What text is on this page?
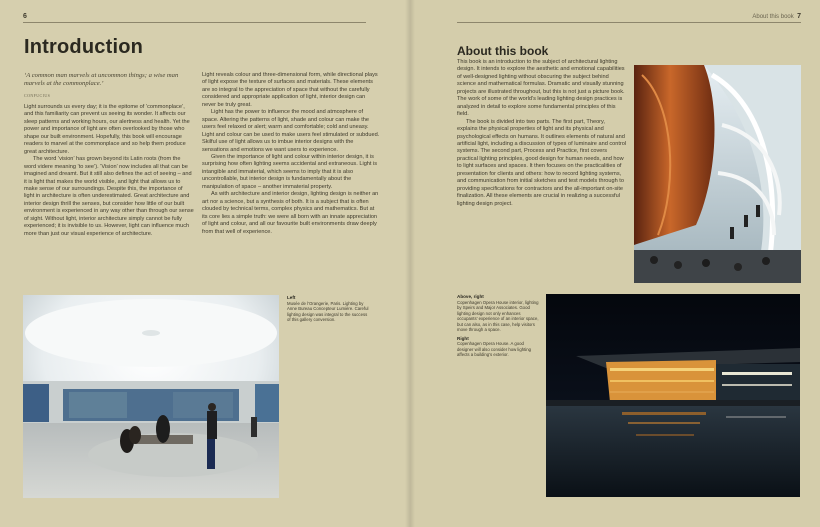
6	About this book 7
Introduction
‘A common man marvels at uncommon things; a wise man marvels at the commonplace.’
CONFUCIUS

Light surrounds us every day; it is the epitome of ‘commonplace’, and this familiarity can prevent us seeing its wonder. It affects our sleep patterns and working hours, our alertness and health. Yet the power and importance of light are often overlooked by those who shape our built environment. Hopefully, this book will encourage readers to marvel at the commonplace and so help them produce great architecture.

The word ‘vision’ has grown beyond its Latin roots (from the word videre meaning ‘to see’). ‘Vision’ now includes all that can be imagined and dreamt. But it still also defines the act of seeing – and it is light that makes the world visible, and light that allows us to make sense of our surroundings. Despite this, the importance of light in architecture is often underestimated. Great architecture and interior design thrill the senses, but consider how little of our built environment is experienced in any way other than through our sense of sight. Without light, interior architecture simply cannot be fully experienced; it is invisible to us. However, light can influence much more than just our visual experience of architecture.

Light reveals colour and three-dimensional form, while directional plays of light expose the texture of surfaces and materials. These elements are so integral to the appreciation of space that without the carefully considered and appropriate application of light, interior design can never be truly great.

Light has the power to influence the mood and atmosphere of space. Altering the patterns of light, shade and colour can make the users feel relaxed or alert; warm and comfortable; cold and uneasy. Light and colour can be used to make users feel stimulated or subdued. Skilful use of light allows us to imbue interior designs with the sensations and emotions we want users to experience.

Given the importance of light and colour within interior design, it is surprising how often lighting seems accidental and extraneous. Light is intangible and immaterial, which seems to imply that it is also uncontrollable, but interior design is fundamentally about the manipulation of space – another immaterial property.

As with architecture and interior design, lighting design is neither an art nor a science, but a synthesis of both. It is a subject that is often clouded by technical terms, complex physics and mathematics. But at its core lies a simple truth: we were all born with an innate appreciation of light and colour, and all our favourite built environments draw deeply from that well of experience.

Left
Musée de l’Orangerie, Paris. Lighting by Anne Bureau Concepteur Lumière. Careful lighting design was integral to the success of this gallery conversion.
About this book

This book is an introduction to the subject of architectural lighting design. It intends to explore the aesthetic and emotional capabilities of well-designed lighting without obscuring the subject behind science and mathematical formulas. Dramatic and visually stunning projects are illustrated throughout, but this is not just a picture book. The work of some of the world’s leading lighting design practices is analyzed in detail to explore some fundamental principles of this field.

The book is divided into two parts. The first part, Theory, explains the physical properties of light and its physical and psychological effects on humans. It outlines elements of natural and artificial light, including a discussion of types of luminaire and control systems. The second part, Process and Practice, first covers practical lighting principles, good design for human needs, and how to light surfaces and spaces. It then focuses on the practicalities of presentation for clients and others: how to record lighting systems, and communication from initial sketches and test models through to providing specifications for contractors and the all-important on-site finalization. All these elements are crucial in realizing a successful lighting design project.

Above, right
Copenhagen Opera House interior, lighting by Speirs and Major Associates. Good lighting design not only enhances occupants’ experience of an interior space, but can also, as in this case, help visitors move through a space.
Right
Copenhagen Opera House. A good designer will also consider how lighting affects a building’s exterior.
